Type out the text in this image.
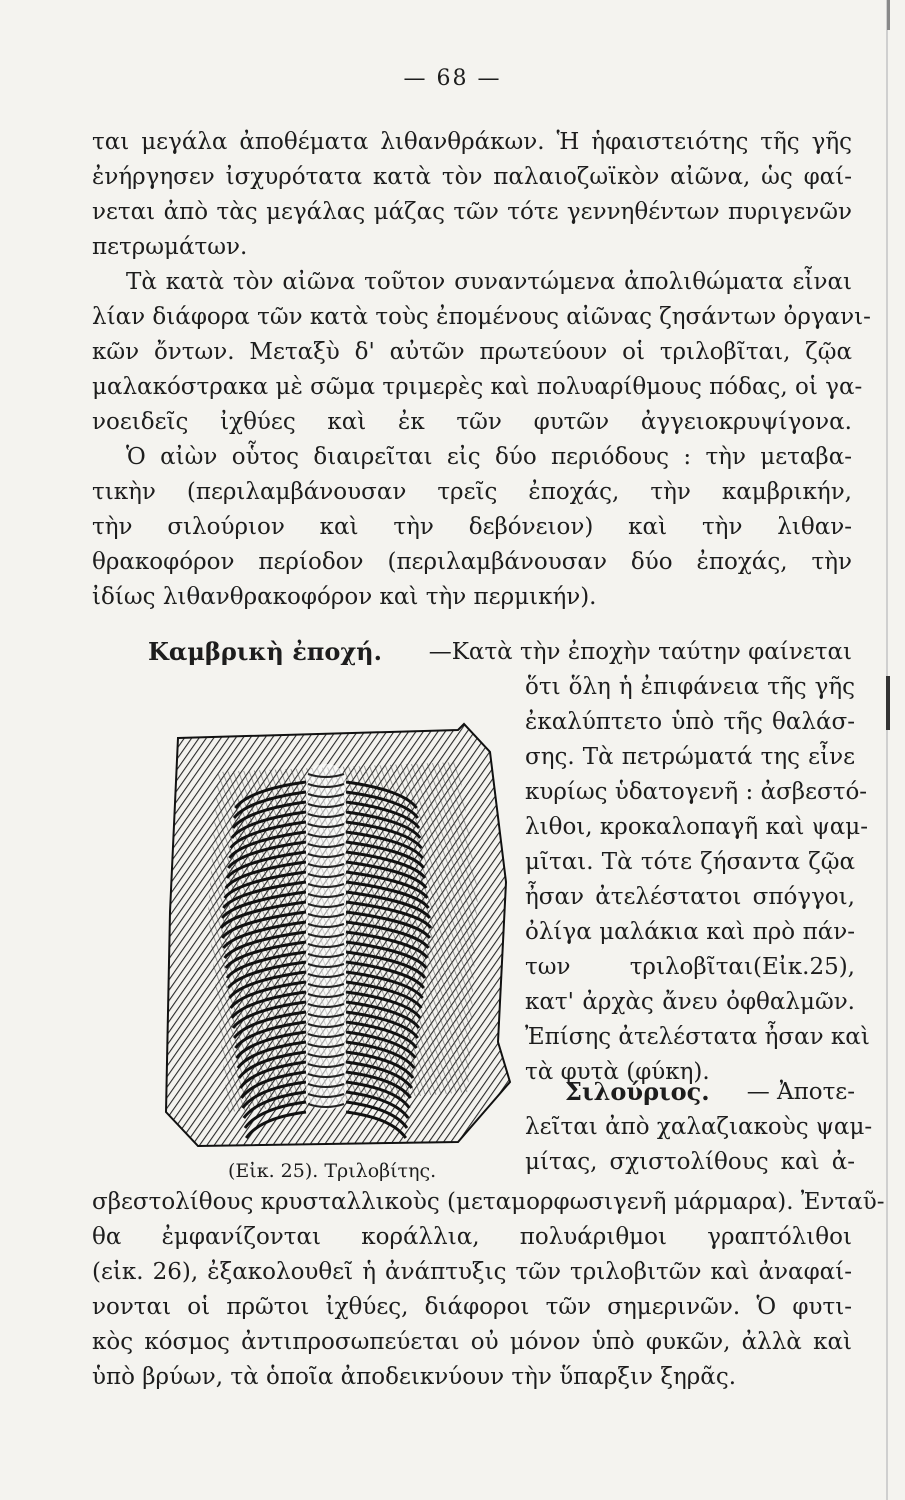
— 68 —
ται μεγάλα ἀποθέματα λιθανθράκων. Ἡ ἡφαιστειότης τῆς γῆς
ἐνήργησεν ἰσχυρότατα κατὰ τὸν παλαιοζωϊκὸν αἰῶνα, ὡς φαί-
νεται ἀπὸ τὰς μεγάλας μάζας τῶν τότε γεννηθέντων πυριγενῶν
πετρωμάτων.
Τὰ κατὰ τὸν αἰῶνα τοῦτον συναντώμενα ἀπολιθώματα εἶναι
λίαν διάφορα τῶν κατὰ τοὺς ἐπομένους αἰῶνας ζησάντων ὀργανι-
κῶν ὄντων. Μεταξὺ δ' αὐτῶν πρωτεύουν οἱ τριλοβῖται, ζῷα
μαλακόστρακα μὲ σῶμα τριμερὲς καὶ πολυαρίθμους πόδας, οἱ γα-
νοειδεῖς ἰχθύες καὶ ἐκ τῶν φυτῶν ἀγγειοκρυψίγονα.
Ὁ αἰὼν οὗτος διαιρεῖται εἰς δύο περιόδους : τὴν μεταβα-
τικὴν (περιλαμβάνουσαν τρεῖς ἐποχάς, τὴν καμβρικήν,
τὴν σιλούριον καὶ τὴν δεβόνειον) καὶ τὴν λιθαν-
θρακοφόρον περίοδον (περιλαμβάνουσαν δύο ἐποχάς, τὴν
ἰδίως λιθανθρακοφόρον καὶ τὴν περμικήν).
Καμβρικὴ ἐποχή. —Κατὰ τὴν ἐποχὴν ταύτην φαίνεται
(Εἰκ. 25). Τριλοβίτης.
ὅτι ὅλη ἡ ἐπιφάνεια τῆς γῆς
ἐκαλύπτετο ὑπὸ τῆς θαλάσ-
σης. Τὰ πετρώματά της εἶνε
κυρίως ὑδατογενῆ : ἀσβεστό-
λιθοι, κροκαλοπαγῆ καὶ ψαμ-
μῖται. Τὰ τότε ζήσαντα ζῷα
ἦσαν ἀτελέστατοι σπόγγοι,
ὀλίγα μαλάκια καὶ πρὸ πάν-
των τριλοβῖται(Εἰκ.25),
κατ' ἀρχὰς ἄνευ ὀφθαλμῶν.
Ἐπίσης ἀτελέστατα ἦσαν καὶ
τὰ φυτὰ (φύκη).
Σιλούριος. — Ἀποτε-
λεῖται ἀπὸ χαλαζιακοὺς ψαμ-
μίτας, σχιστολίθους καὶ ἀ-
σβεστολίθους κρυσταλλικοὺς (μεταμορφωσιγενῆ μάρμαρα). Ἐνταῦ-
θα ἐμφανίζονται κοράλλια, πολυάριθμοι γραπτόλιθοι
(εἰκ. 26), ἐξακολουθεῖ ἡ ἀνάπτυξις τῶν τριλοβιτῶν καὶ ἀναφαί-
νονται οἱ πρῶτοι ἰχθύες, διάφοροι τῶν σημερινῶν. Ὁ φυτι-
κὸς κόσμος ἀντιπροσωπεύεται οὐ μόνον ὑπὸ φυκῶν, ἀλλὰ καὶ
ὑπὸ βρύων, τὰ ὁποῖα ἀποδεικνύουν τὴν ὕπαρξιν ξηρᾶς.
